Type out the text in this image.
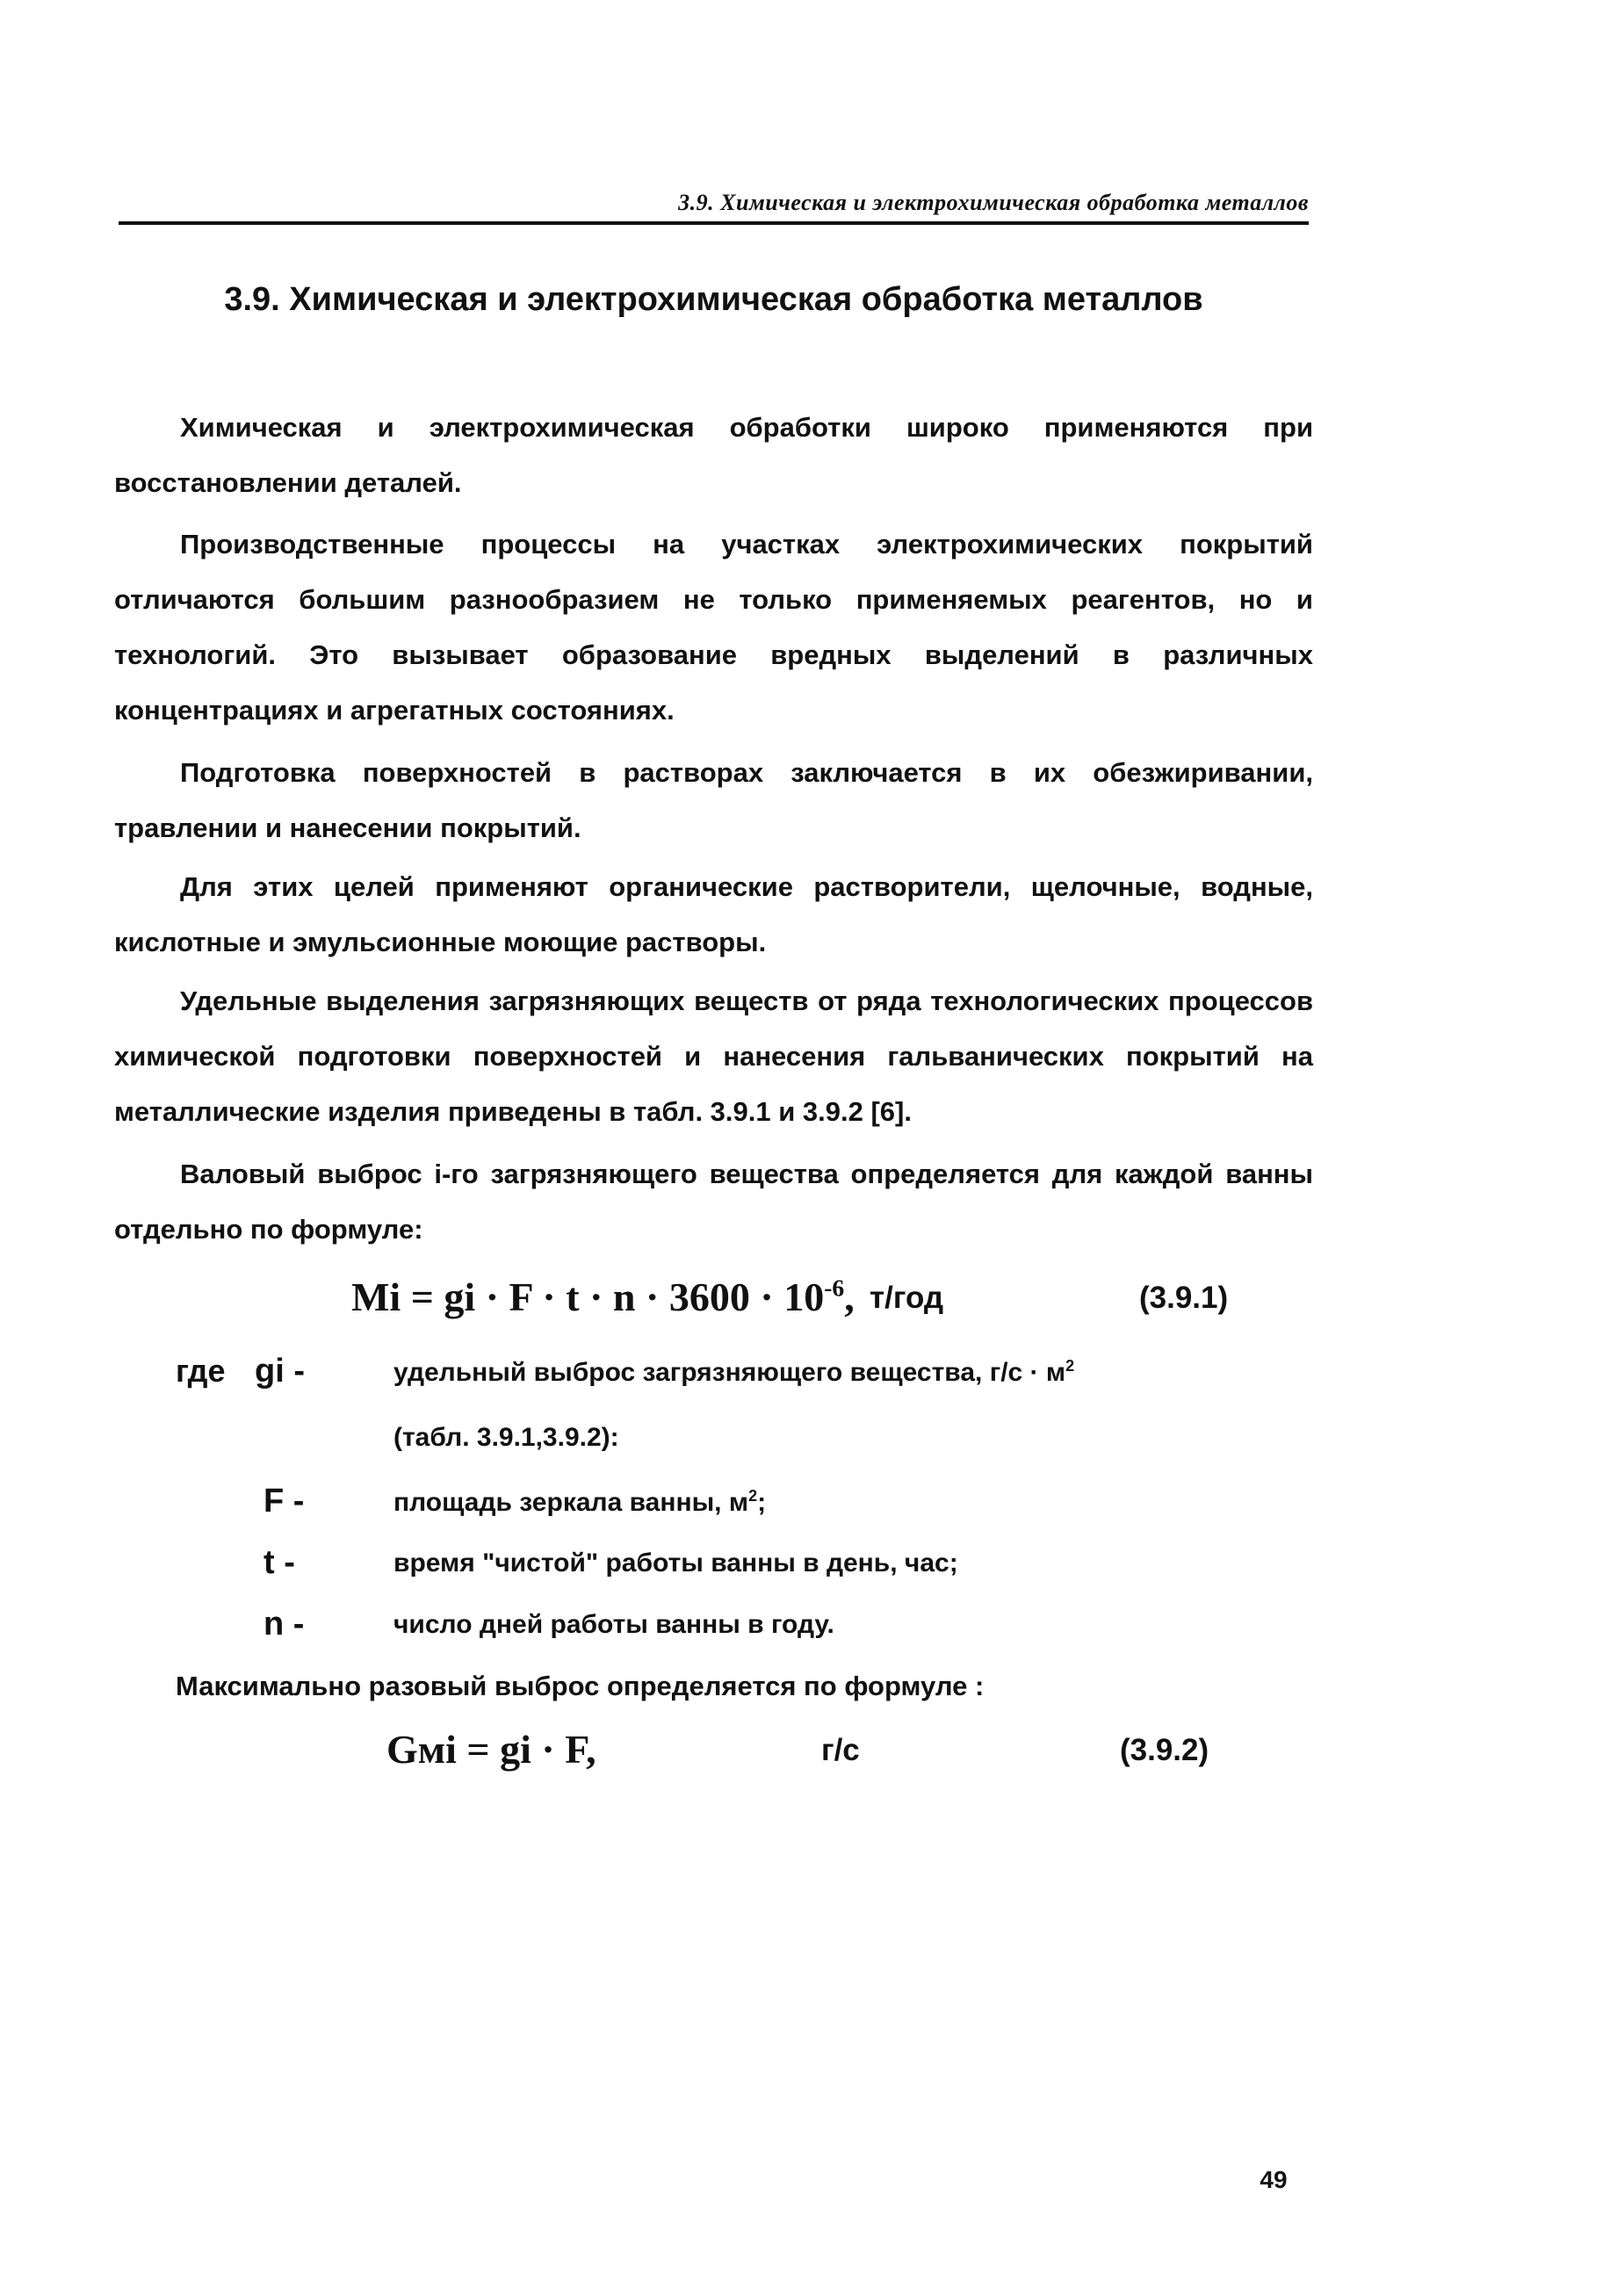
3.9. Химическая и электрохимическая обработка металлов
3.9. Химическая и электрохимическая обработка металлов
Химическая и электрохимическая обработки широко применяются при восстановлении деталей.
Производственные процессы на участках электрохимических покрытий отличаются большим разнообразием не только применяемых реагентов, но и технологий. Это вызывает образование вредных выделений в различных концентрациях и агрегатных состояниях.
Подготовка поверхностей в растворах заключается в их обезжиривании, травлении и нанесении покрытий.
Для этих целей применяют органические растворители, щелочные, водные, кислотные и эмульсионные моющие растворы.
Удельные выделения загрязняющих веществ от ряда технологических процессов химической подготовки поверхностей и нанесения гальванических покрытий на металлические изделия приведены в табл. 3.9.1 и 3.9.2 [6].
Валовый выброс i-го загрязняющего вещества определяется для каждой ванны отдельно по формуле:
Mi = gi · $F \cdot t \cdot n \cdot 3600 \cdot 10^{-6}$, т/год	(3.9.1)
где gi -	удельный выброс загрязняющего вещества, $г/с \cdot м^2$
(табл. 3.9.1,3.9.2):
F -	площадь зеркала ванны, $м^2$;
t -	время "чистой" работы ванны в день, час;
n -	число дней работы ванны в году.
Максимально разовый выброс определяется по формуле :
Gмi = gi · F,	г/с	(3.9.2)
49
